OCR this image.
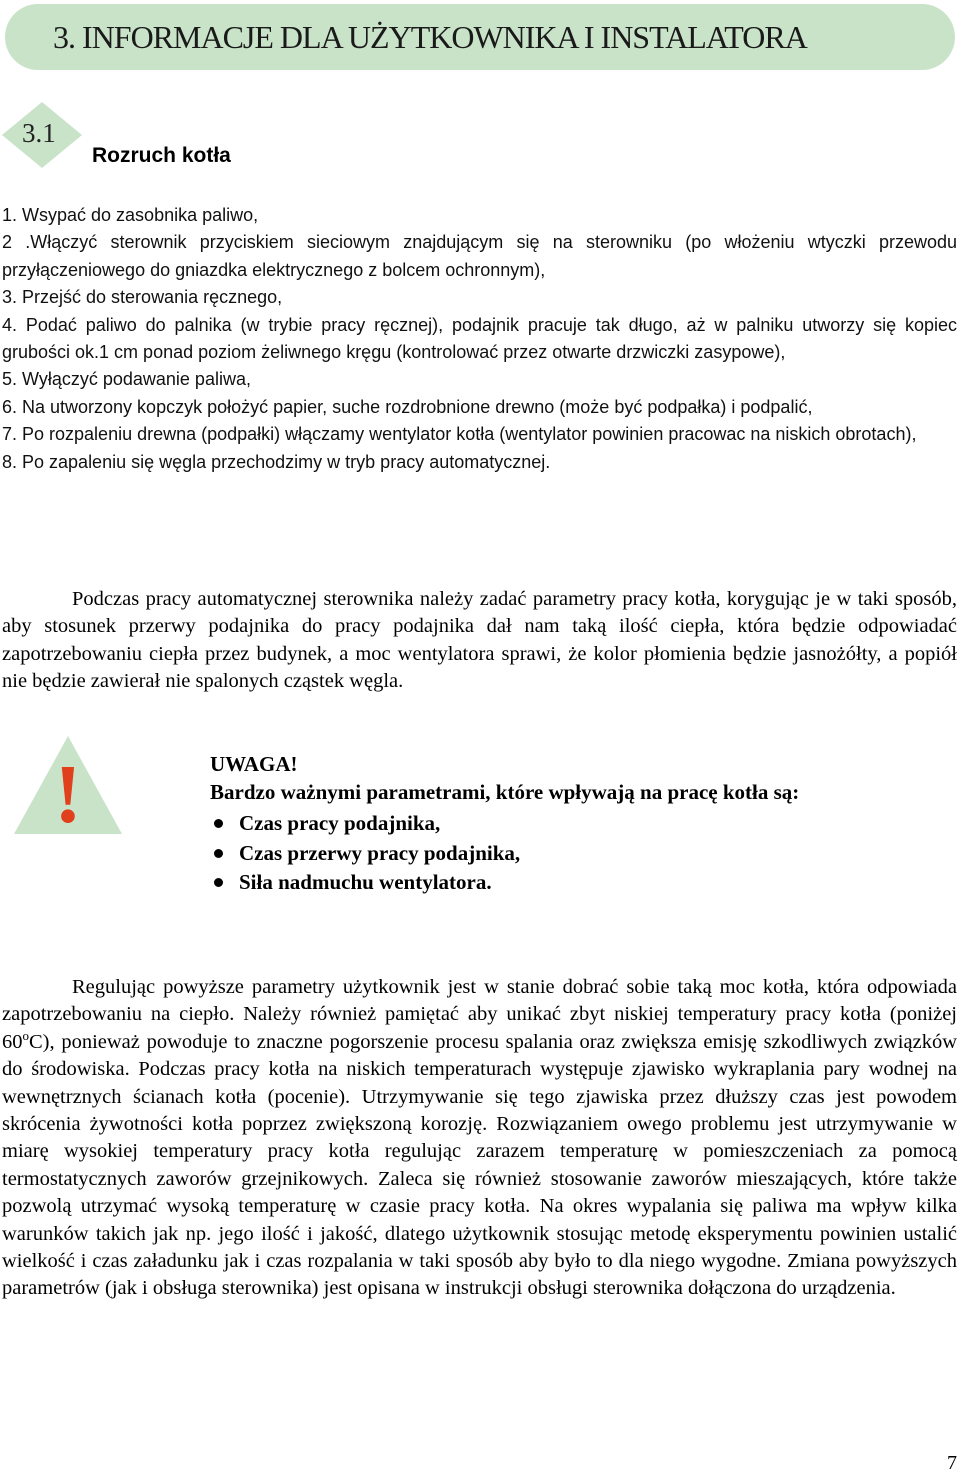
3. INFORMACJE DLA UŻYTKOWNIKA I INSTALATORA
3.1
Rozruch kotła

1. Wsypać do zasobnika paliwo,

2 .Włączyć sterownik przyciskiem sieciowym znajdującym się na sterowniku (po włożeniu wtyczki przewodu przyłączeniowego do gniazdka elektrycznego z bolcem ochronnym),

3. Przejść do sterowania ręcznego,

4. Podać paliwo do palnika (w trybie pracy ręcznej), podajnik pracuje tak długo, aż w palniku utworzy się kopiec grubości ok.1 cm ponad poziom żeliwnego kręgu (kontrolować przez otwarte drzwiczki zasypowe),

5. Wyłączyć podawanie paliwa,

6. Na utworzony kopczyk położyć papier, suche rozdrobnione drewno (może być podpałka) i podpalić,

7. Po rozpaleniu drewna (podpałki) włączamy wentylator kotła (wentylator powinien pracowac na niskich obrotach),

8. Po zapaleniu się węgla przechodzimy w tryb pracy automatycznej.

Podczas pracy automatycznej sterownika należy zadać parametry pracy kotła, korygując je w taki sposób, aby stosunek przerwy podajnika do pracy podajnika dał nam taką ilość ciepła, która będzie odpowiadać zapotrzebowaniu ciepła przez budynek, a moc wentylatora sprawi, że kolor płomienia będzie jasnożółty, a popiół nie będzie zawierał nie spalonych cząstek węgla.

!	UWAGA!
Bardzo ważnymi parametrami, które wpływają na pracę kotła są:
Czas pracy podajnika,
Czas przerwy pracy podajnika,
Siła nadmuchu wentylatora.

Regulując powyższe parametry użytkownik jest w stanie dobrać sobie taką moc kotła, która odpowiada zapotrzebowaniu na ciepło. Należy również pamiętać aby unikać zbyt niskiej temperatury pracy kotła (poniżej 60$^o$C), ponieważ powoduje to znaczne pogorszenie procesu spalania oraz zwiększa emisję szkodliwych związków do środowiska. Podczas pracy kotła na niskich temperaturach występuje zjawisko wykraplania pary wodnej na wewnętrznych ścianach kotła (pocenie). Utrzymywanie się tego zjawiska przez dłuższy czas jest powodem skrócenia żywotności kotła poprzez zwiększoną korozję. Rozwiązaniem owego problemu jest utrzymywanie w miarę wysokiej temperatury pracy kotła regulując zarazem temperaturę w pomieszczeniach za pomocą termostatycznych zaworów grzejnikowych. Zaleca się również stosowanie zaworów mieszających, które także pozwolą utrzymać wysoką temperaturę w czasie pracy kotła. Na okres wypalania się paliwa ma wpływ kilka warunków takich jak np. jego ilość i jakość, dlatego użytkownik stosując metodę eksperymentu powinien ustalić wielkość i czas załadunku jak i czas rozpalania w taki sposób aby było to dla niego wygodne. Zmiana powyższych parametrów (jak i obsługa sterownika) jest opisana w instrukcji obsługi sterownika dołączona do urządzenia.

7
